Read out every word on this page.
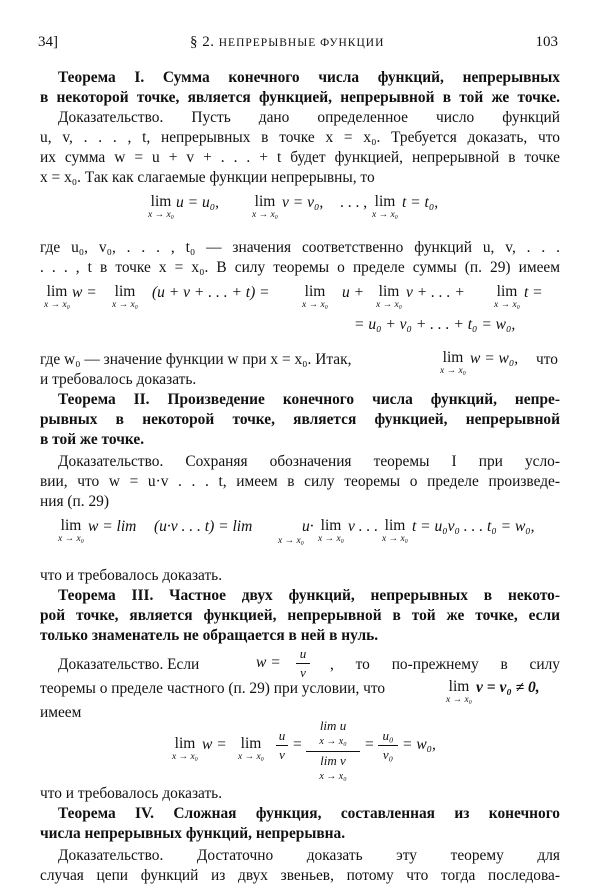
34]	§ 2. НЕПРЕРЫВНЫЕ ФУНКЦИИ	103
Теорема I. Сумма конечного числа функций, непрерывных
в некоторой точке, является функцией, непрерывной в той же точке.
Доказательство. Пусть дано определенное число функций
u, v, . . . , t, непрерывных в точке x = x₀. Требуется доказать, что
их сумма w = u + v + . . . + t будет функцией, непрерывной в точке
x = x₀. Так как слагаемые функции непрерывны, то
lim
x → x₀
u = u₀, lim
x → x₀
v = v₀, . . . , lim
x → x₀
t = t₀,
где u₀, v₀, . . . , t₀ — значения соответственно функций u, v, . . .
. . . , t в точке x = x₀. В силу теоремы о пределе суммы (п. 29) имеем
lim
x → x₀
w = lim
x → x₀
(u + v + . . . + t) = lim
x → x₀
u + lim
x → x₀
v + . . . + lim
x → x₀
t =
= u₀ + v₀ + . . . + t₀ = w₀,
где w₀ — значение функции w при x = x₀. Итак,	lim
x → x₀
w = w₀, что
и требовалось доказать.
Теорема II. Произведение конечного числа функций, непре-
рывных в некоторой точке, является функцией, непрерывной
в той же точке.
Доказательство. Сохраняя обозначения теоремы I при усло-
вии, что w = u·v . . . t, имеем в силу теоремы о пределе произведе-
ния (п. 29)
lim
x → x₀
w = lim (u·v . . . t) = lim
x → x₀
u· lim
x → x₀
v . . . lim
x → x₀
t = u₀v₀ . . . t₀ = w₀,
что и требовалось доказать.
Теорема III. Частное двух функций, непрерывных в некото-
рой точке, является функцией, непрерывной в той же точке, если
только знаменатель не обращается в ней в нуль.
Доказательство. Если	w =
u
v , то по-прежнему в силу
теоремы о пределе частного (п. 29) при условии, что	lim
x → x₀
v = v₀ ≠ 0,
имеем
lim
x → x₀
w = lim
x → x₀
u
v
=
lim u
x → x₀
lim v
x → x₀
=
u₀
v₀
= w₀,
что и требовалось доказать.
Теорема IV. Сложная функция, составленная из конечного
числа непрерывных функций, непрерывна.
Доказательство. Достаточно доказать эту теорему для
случая цепи функций из двух звеньев, потому что тогда последова-
